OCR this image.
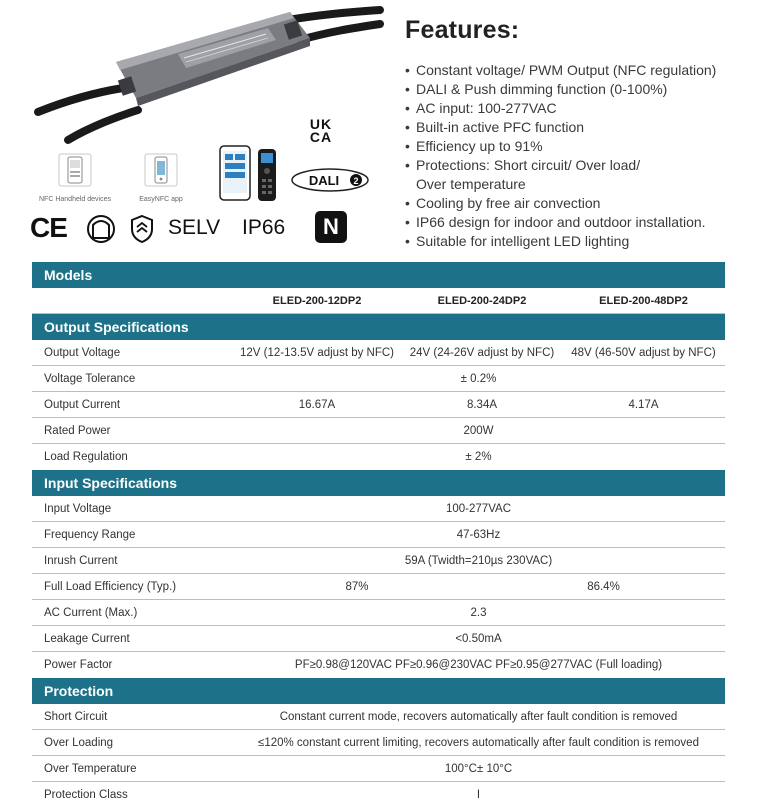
Features:
• Constant voltage/ PWM Output (NFC regulation)
• DALI & Push dimming function (0-100%)
• AC input: 100-277VAC
• Built-in active PFC function
• Efficiency up to 91%
• Protections: Short circuit/ Over load/
Over temperature
• Cooling by free air convection
• IP66 design for indoor and outdoor installation.
• Suitable for intelligent LED lighting
NFC Handheld devices	EasyNFC app
DALI 2
UK
CA
CE	SELV IP66 N
Models
ELED-200-12DP2	ELED-200-24DP2	ELED-200-48DP2
Output Specifications
Output Voltage	12V (12-13.5V adjust by NFC)	24V (24-26V adjust by NFC)	48V (46-50V adjust by NFC)
Voltage Tolerance	± 0.2%
Output Current	16.67A	8.34A	4.17A
Rated Power	200W
Load Regulation	± 2%
Input Specifications
Input Voltage	100-277VAC
Frequency Range	47-63Hz
Inrush Current	59A (Twidth=210µs 230VAC)
Full Load Efficiency (Typ.)	87%	86.4%
AC Current (Max.)	2.3
Leakage Current	<0.50mA
Power Factor	PF≥0.98@120VAC PF≥0.96@230VAC PF≥0.95@277VAC (Full loading)
Protection
Short Circuit	Constant current mode, recovers automatically after fault condition is removed
Over Loading	≤120% constant current limiting, recovers automatically after fault condition is removed
Over Temperature	100°C± 10°C
Protection Class	I
